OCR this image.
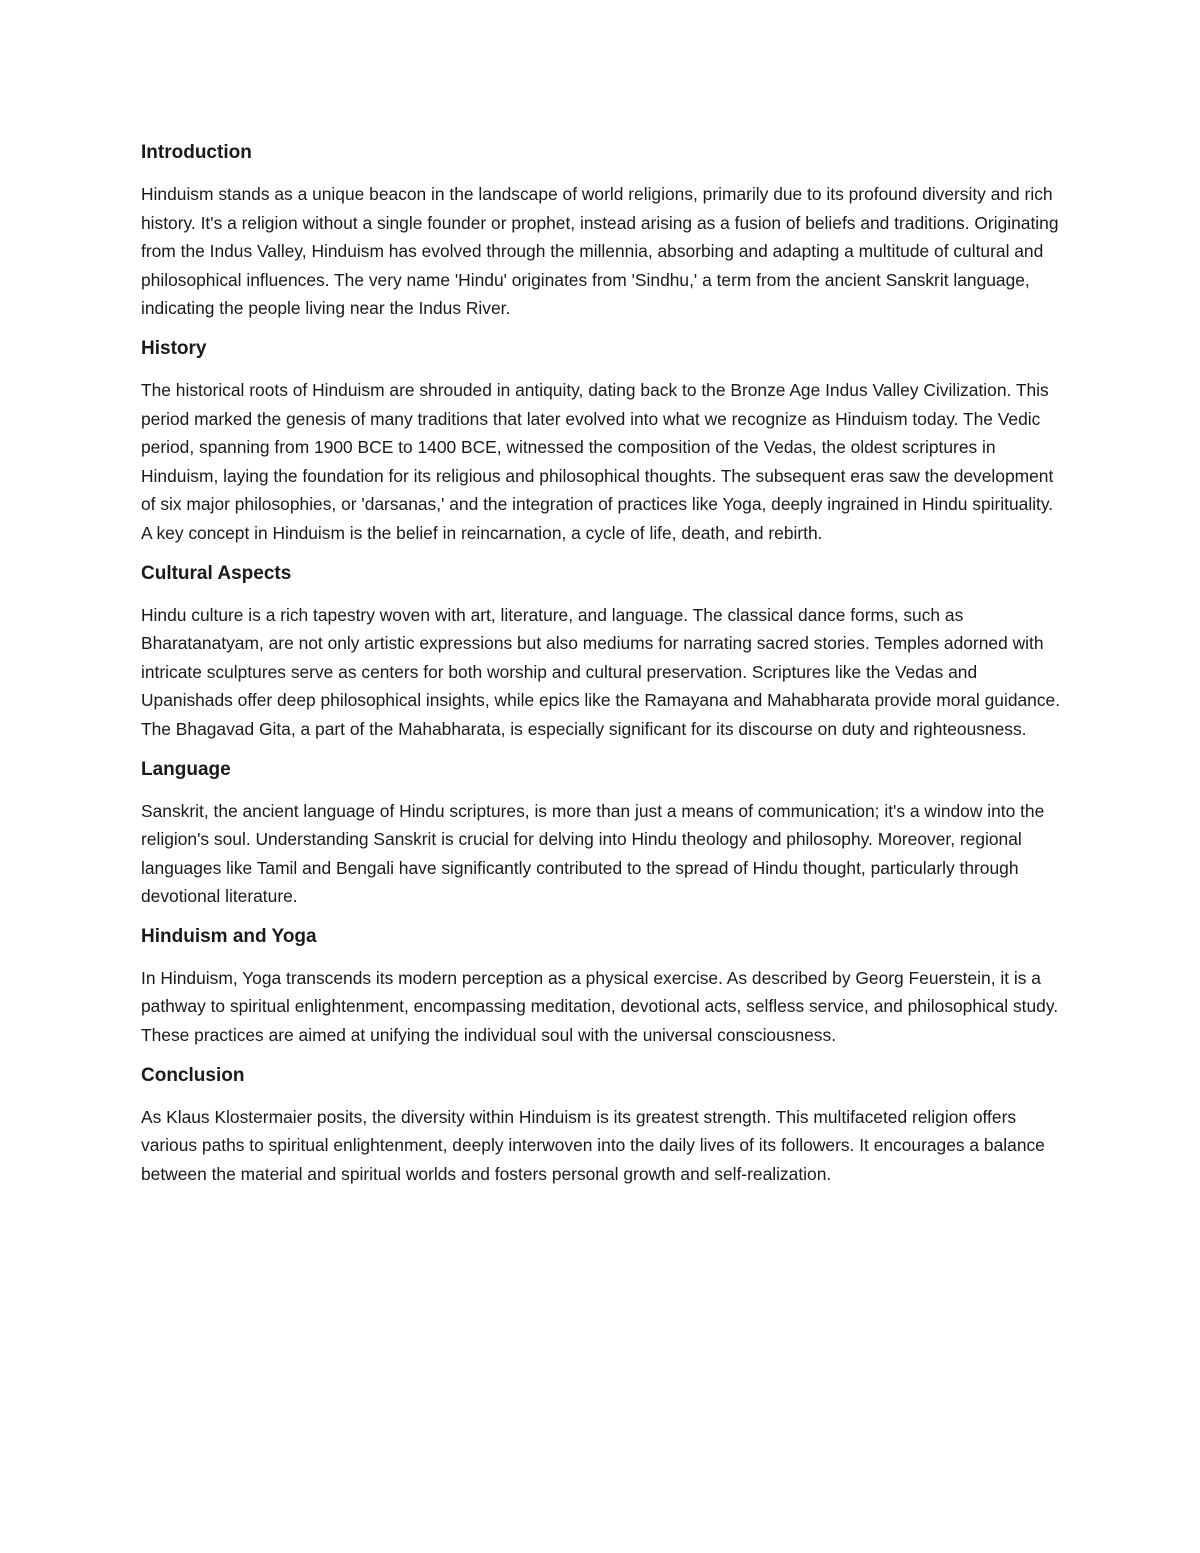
Introduction

Hinduism stands as a unique beacon in the landscape of world religions, primarily due to its profound diversity and rich history. It's a religion without a single founder or prophet, instead arising as a fusion of beliefs and traditions. Originating from the Indus Valley, Hinduism has evolved through the millennia, absorbing and adapting a multitude of cultural and philosophical influences. The very name 'Hindu' originates from 'Sindhu,' a term from the ancient Sanskrit language, indicating the people living near the Indus River.

History

The historical roots of Hinduism are shrouded in antiquity, dating back to the Bronze Age Indus Valley Civilization. This period marked the genesis of many traditions that later evolved into what we recognize as Hinduism today. The Vedic period, spanning from 1900 BCE to 1400 BCE, witnessed the composition of the Vedas, the oldest scriptures in Hinduism, laying the foundation for its religious and philosophical thoughts. The subsequent eras saw the development of six major philosophies, or 'darsanas,' and the integration of practices like Yoga, deeply ingrained in Hindu spirituality. A key concept in Hinduism is the belief in reincarnation, a cycle of life, death, and rebirth.

Cultural Aspects

Hindu culture is a rich tapestry woven with art, literature, and language. The classical dance forms, such as Bharatanatyam, are not only artistic expressions but also mediums for narrating sacred stories. Temples adorned with intricate sculptures serve as centers for both worship and cultural preservation. Scriptures like the Vedas and Upanishads offer deep philosophical insights, while epics like the Ramayana and Mahabharata provide moral guidance. The Bhagavad Gita, a part of the Mahabharata, is especially significant for its discourse on duty and righteousness.

Language

Sanskrit, the ancient language of Hindu scriptures, is more than just a means of communication; it's a window into the religion's soul. Understanding Sanskrit is crucial for delving into Hindu theology and philosophy. Moreover, regional languages like Tamil and Bengali have significantly contributed to the spread of Hindu thought, particularly through devotional literature.

Hinduism and Yoga

In Hinduism, Yoga transcends its modern perception as a physical exercise. As described by Georg Feuerstein, it is a pathway to spiritual enlightenment, encompassing meditation, devotional acts, selfless service, and philosophical study. These practices are aimed at unifying the individual soul with the universal consciousness.

Conclusion

As Klaus Klostermaier posits, the diversity within Hinduism is its greatest strength. This multifaceted religion offers various paths to spiritual enlightenment, deeply interwoven into the daily lives of its followers. It encourages a balance between the material and spiritual worlds and fosters personal growth and self-realization.
